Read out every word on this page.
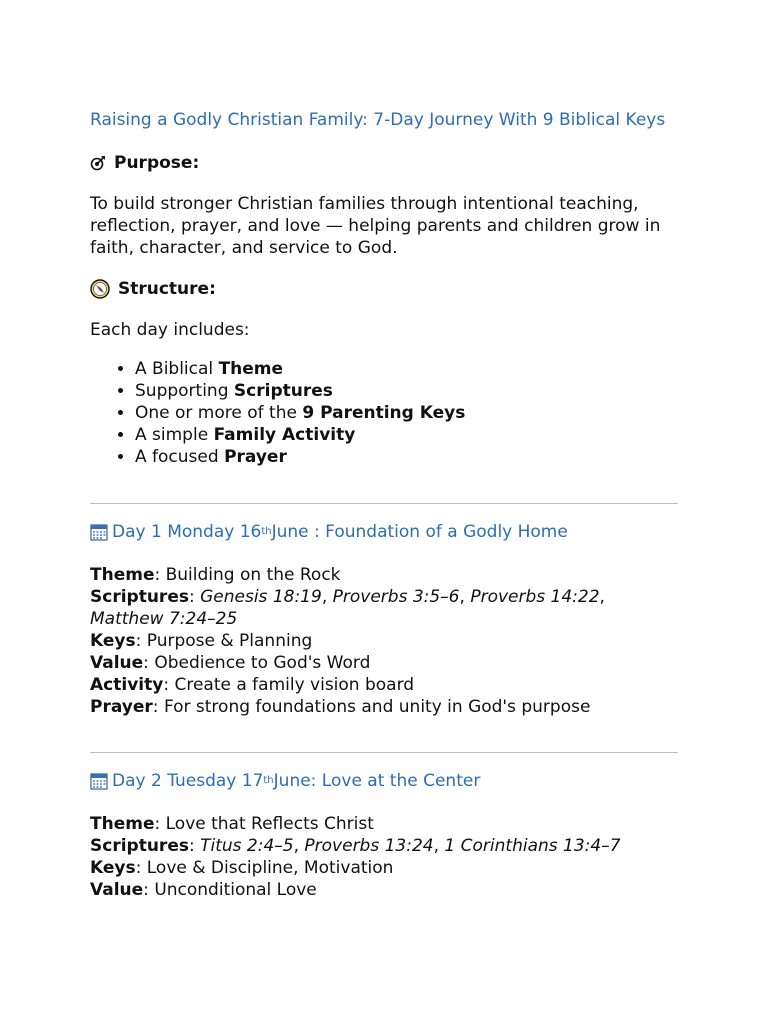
Raising a Godly Christian Family: 7-Day Journey With 9 Biblical Keys
Purpose:
To build stronger Christian families through intentional teaching, reflection, prayer, and love — helping parents and children grow in faith, character, and service to God.
Structure:
Each day includes:
• A Biblical Theme
• Supporting Scriptures
• One or more of the 9 Parenting Keys
• A simple Family Activity
• A focused Prayer
Day 1 Monday 16 th June : Foundation of a Godly Home
Theme: Building on the Rock
Scriptures: Genesis 18:19, Proverbs 3:5–6, Proverbs 14:22, Matthew 7:24–25
Keys: Purpose & Planning
Value: Obedience to God's Word
Activity: Create a family vision board
Prayer: For strong foundations and unity in God's purpose
Day 2 Tuesday 17 th June: Love at the Center
Theme: Love that Reflects Christ
Scriptures: Titus 2:4–5, Proverbs 13:24, 1 Corinthians 13:4–7
Keys: Love & Discipline, Motivation
Value: Unconditional Love
